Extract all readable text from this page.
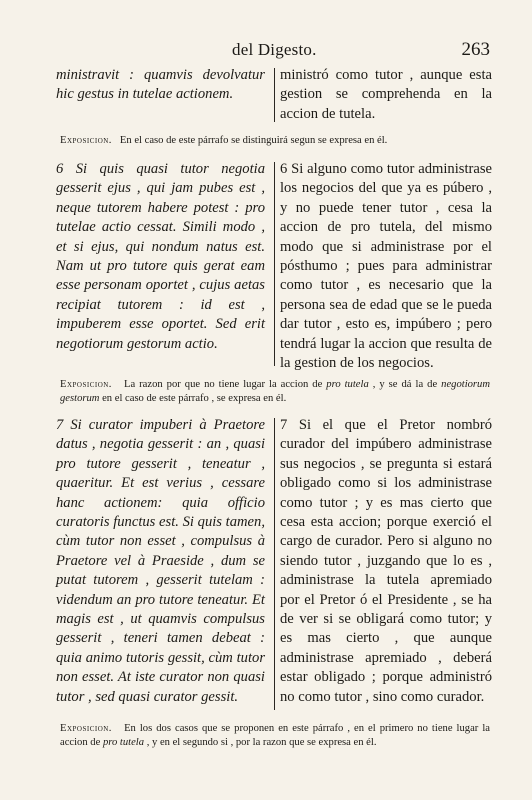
del Digesto.	263

ministravit : quamvis devolvatur hic gestus in tutelae actionem.

ministró como tutor , aunque esta gestion se comprehenda en la accion de tutela.

Exposicion. En el caso de este párrafo se distinguirá segun se expresa en él.

6 Si quis quasi tutor negotia gesserit ejus , qui jam pubes est , neque tutorem habere potest : pro tutelae actio cessat. Simili modo , et si ejus, qui nondum natus est. Nam ut pro tutore quis gerat eam esse personam oportet , cujus aetas recipiat tutorem : id est , impuberem esse oportet. Sed erit negotiorum gestorum actio.

6 Si alguno como tutor administrase los negocios del que ya es púbero , y no puede tener tutor , cesa la accion de pro tutela, del mismo modo que si administrase por el pósthumo ; pues para administrar como tutor , es necesario que la persona sea de edad que se le pueda dar tutor , esto es, impúbero ; pero tendrá lugar la accion que resulta de la gestion de los negocios.

Exposicion. La razon por que no tiene lugar la accion de pro tutela , y se dá la de negotiorum gestorum en el caso de este párrafo , se expresa en él.

7 Si curator impuberi à Praetore datus , negotia gesserit : an , quasi pro tutore gesserit , teneatur , quaeritur. Et est verius , cessare hanc actionem: quia officio curatoris functus est. Si quis tamen, cùm tutor non esset , compulsus à Praetore vel à Praeside , dum se putat tutorem , gesserit tutelam : videndum an pro tutore teneatur. Et magis est , ut quamvis compulsus gesserit , teneri tamen debeat : quia animo tutoris gessit, cùm tutor non esset. At iste curator non quasi tutor , sed quasi curator gessit.

7 Si el que el Pretor nombró curador del impúbero administrase sus negocios , se pregunta si estará obligado como si los administrase como tutor ; y es mas cierto que cesa esta accion; porque exerció el cargo de curador. Pero si alguno no siendo tutor , juzgando que lo es , administrase la tutela apremiado por el Pretor ó el Presidente , se ha de ver si se obligará como tutor; y es mas cierto , que aunque administrase apremiado , deberá estar obligado ; porque administró no como tutor , sino como curador.

Exposicion. En los dos casos que se proponen en este párrafo , en el primero no tiene lugar la accion de pro tutela , y en el segundo si , por la razon que se expresa en él.
